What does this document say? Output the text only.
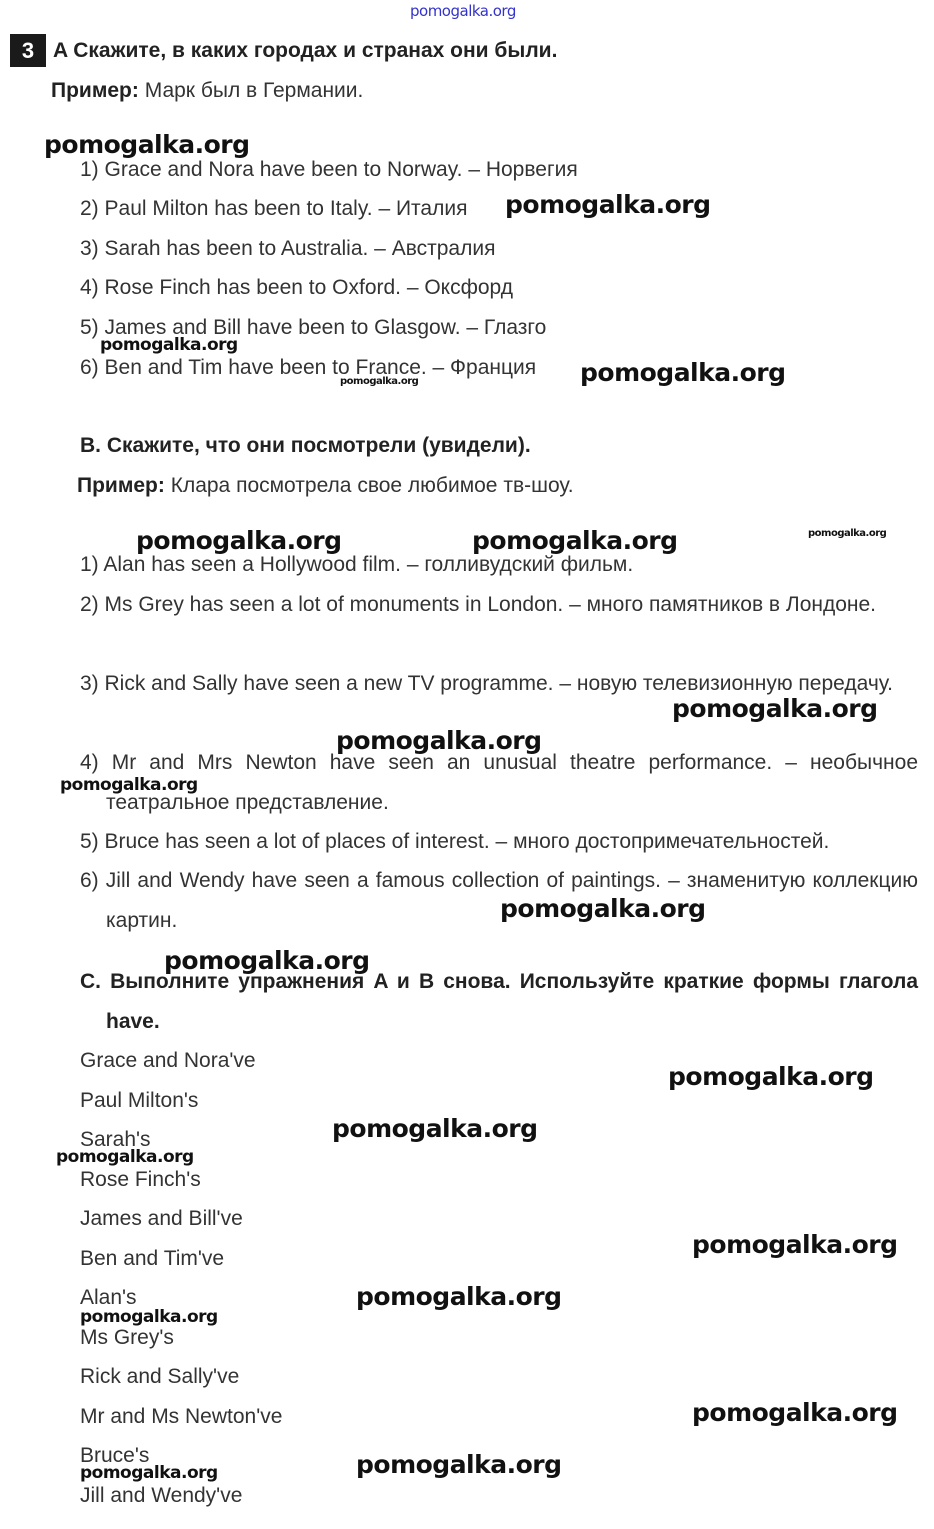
pomogalka.org
3 A Скажите, в каких городах и странах они были.
Пример: Марк был в Германии.
1) Grace and Nora have been to Norway. – Норвегия
2) Paul Milton has been to Italy. – Италия
3) Sarah has been to Australia. – Австралия
4) Rose Finch has been to Oxford. – Оксфорд
5) James and Bill have been to Glasgow. – Глазго
6) Ben and Tim have been to France. – Франция
B. Скажите, что они посмотрели (увидели).
Пример: Клара посмотрела свое любимое тв-шоу.
1) Alan has seen a Hollywood film. – голливудский фильм.
2) Ms Grey has seen a lot of monuments in London. – много памятников в Лондоне.
3) Rick and Sally have seen a new TV programme. – новую телевизионную передачу.
4) Mr and Mrs Newton have seen an unusual theatre performance. – необычное театральное представление.
5) Bruce has seen a lot of places of interest. – много достопримечательностей.
6) Jill and Wendy have seen a famous collection of paintings. – знаменитую коллекцию картин.
C. Выполните упражнения A и B снова. Используйте краткие формы глагола have.
Grace and Nora've
Paul Milton's
Sarah's
Rose Finch's
James and Bill've
Ben and Tim've
Alan's
Ms Grey's
Rick and Sally've
Mr and Ms Newton've
Bruce's
Jill and Wendy've
pomogalka.org
pomogalka.org
pomogalka.org
pomogalka.org	pomogalka.org
pomogalka.org	pomogalka.org	pomogalka.org
pomogalka.org
pomogalka.org
pomogalka.org
pomogalka.org
pomogalka.org
pomogalka.org
pomogalka.org
pomogalka.org
pomogalka.org
pomogalka.org
pomogalka.org
pomogalka.org
pomogalka.org
pomogalka.org
